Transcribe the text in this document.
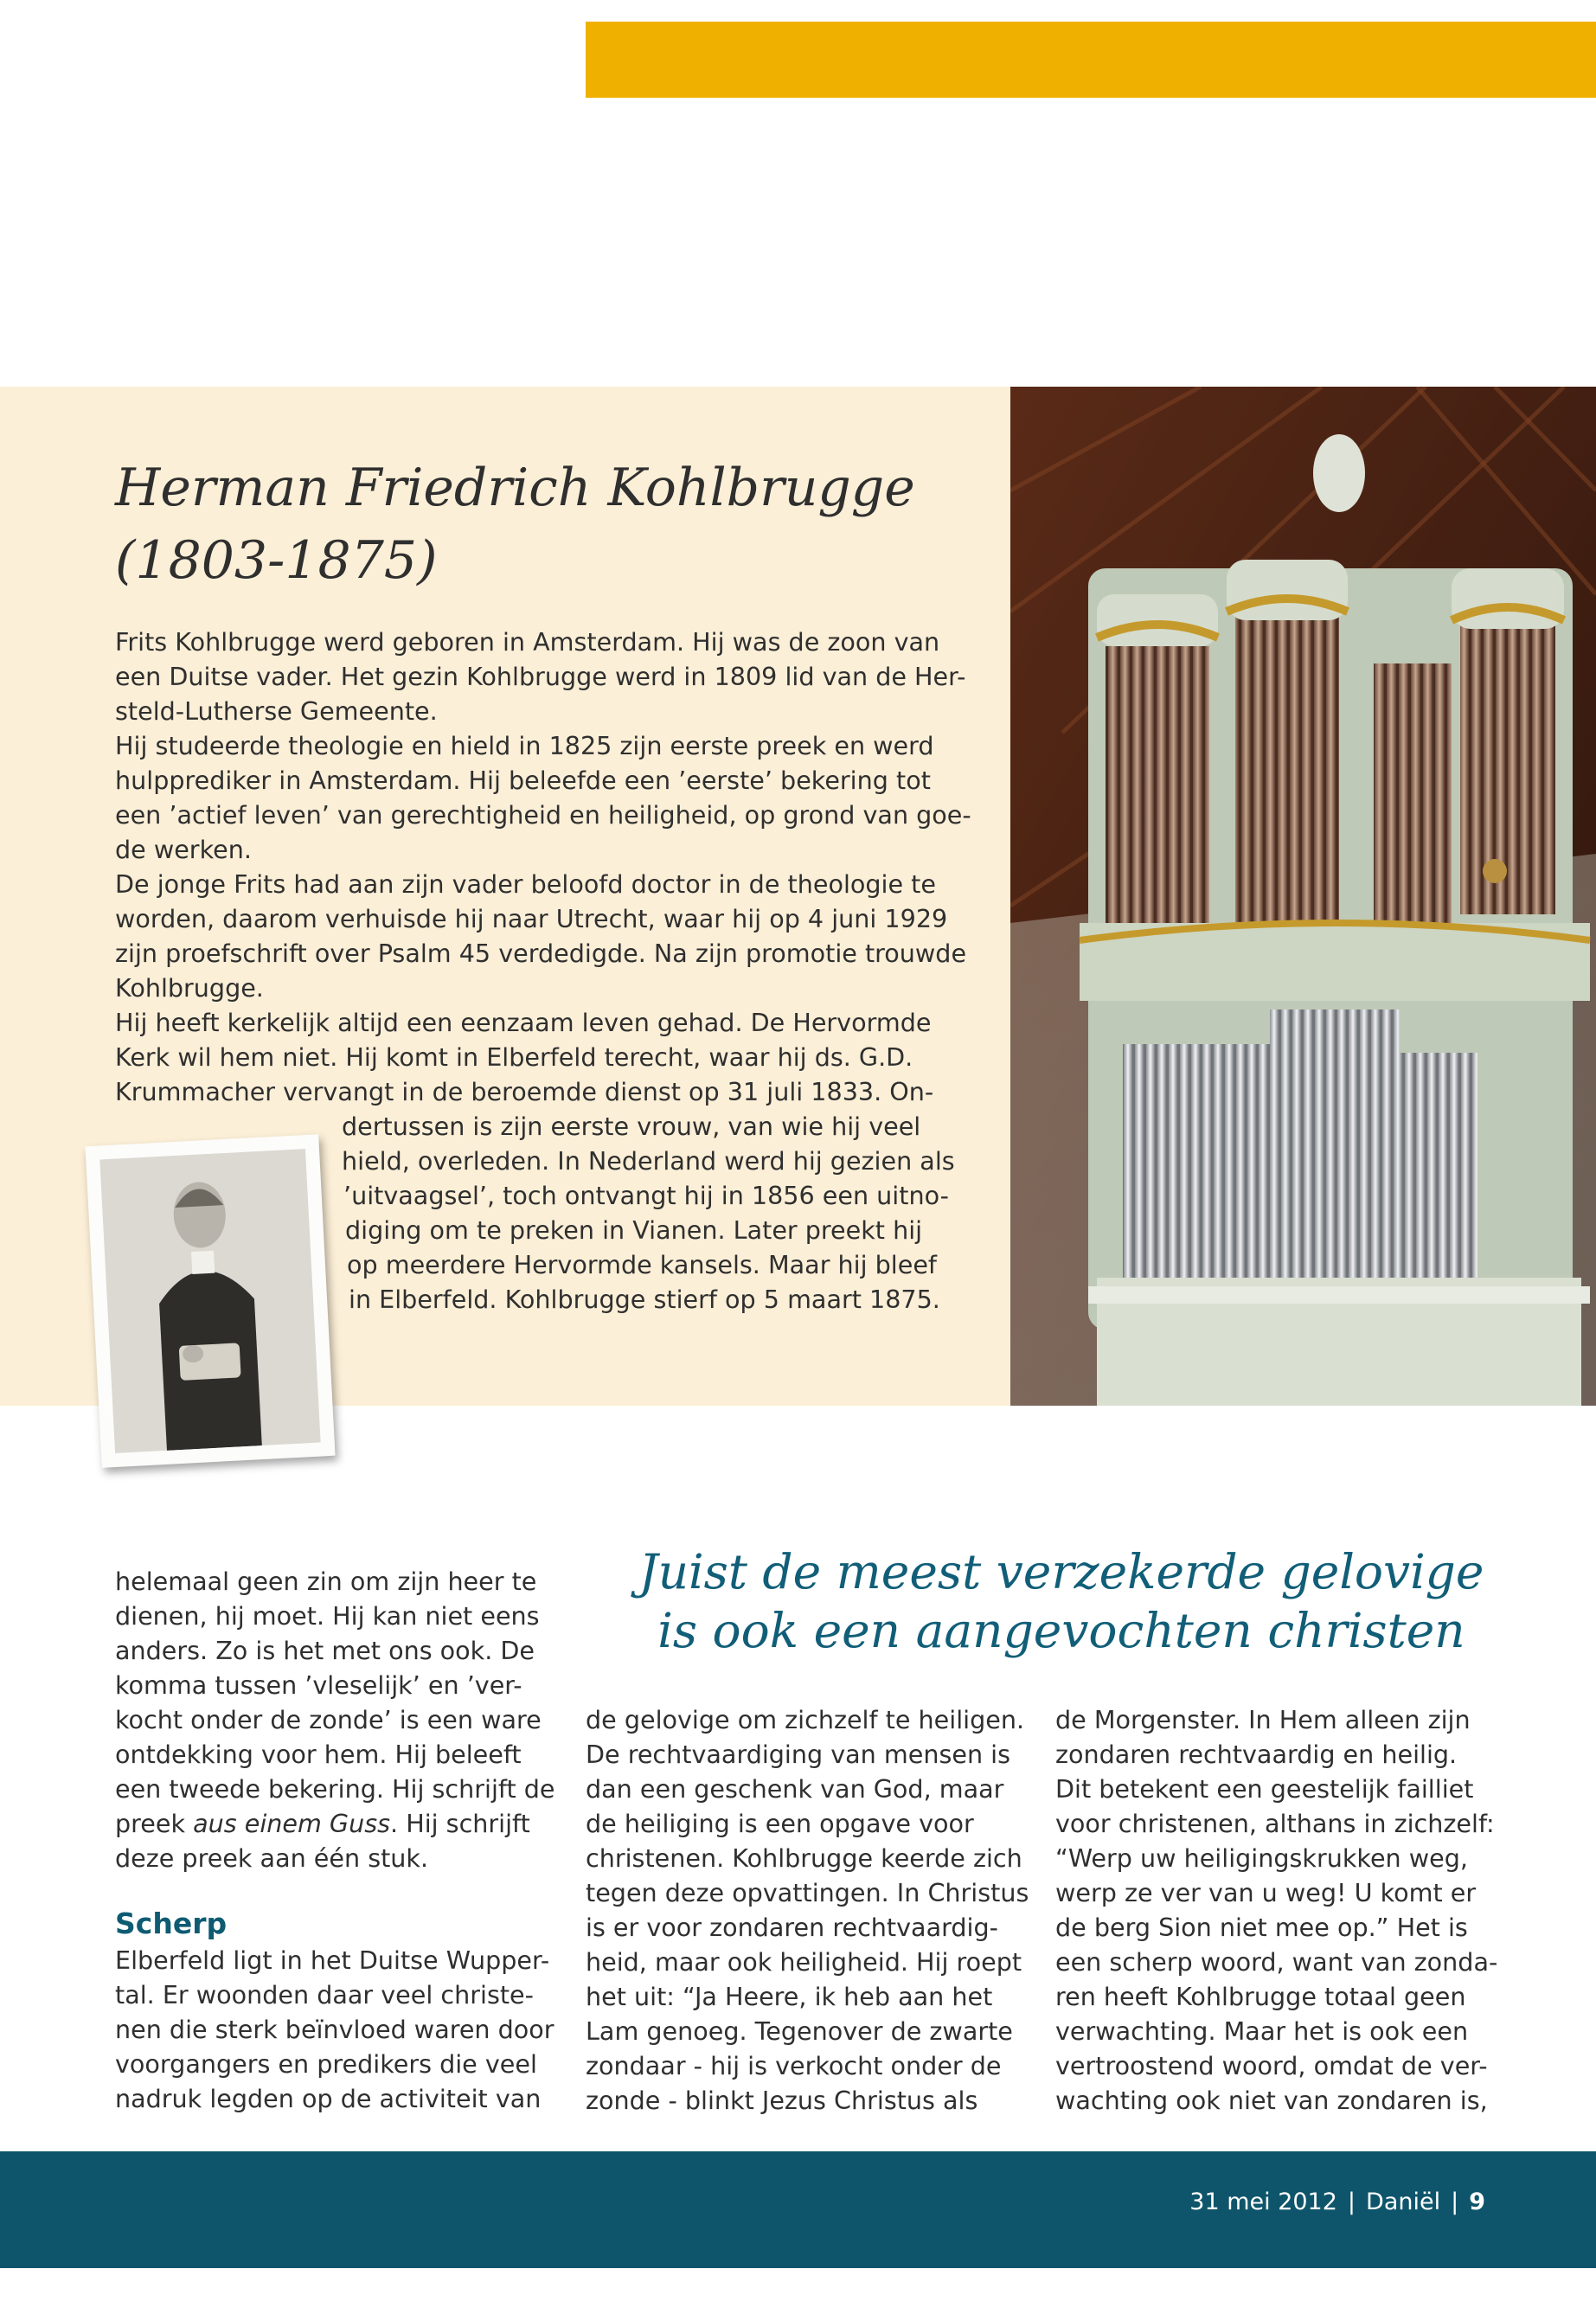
Herman Friedrich Kohlbrugge
(1803-1875)
Frits Kohlbrugge werd geboren in Amsterdam. Hij was de zoon van
een Duitse vader. Het gezin Kohlbrugge werd in 1809 lid van de Her-
steld-Lutherse Gemeente.
Hij studeerde theologie en hield in 1825 zijn eerste preek en werd
hulpprediker in Amsterdam. Hij beleefde een ’eerste’ bekering tot
een ’actief leven’ van gerechtigheid en heiligheid, op grond van goe-
de werken.
De jonge Frits had aan zijn vader beloofd doctor in de theologie te
worden, daarom verhuisde hij naar Utrecht, waar hij op 4 juni 1929
zijn proefschrift over Psalm 45 verdedigde. Na zijn promotie trouwde
Kohlbrugge.
Hij heeft kerkelijk altijd een eenzaam leven gehad. De Hervormde
Kerk wil hem niet. Hij komt in Elberfeld terecht, waar hij ds. G.D.
Krummacher vervangt in de beroemde dienst op 31 juli 1833. On-
dertussen is zijn eerste vrouw, van wie hij veel
hield, overleden. In Nederland werd hij gezien als
’uitvaagsel’, toch ontvangt hij in 1856 een uitno-
diging om te preken in Vianen. Later preekt hij
op meerdere Hervormde kansels. Maar hij bleef
in Elberfeld. Kohlbrugge stierf op 5 maart 1875.
Juist de meest verzekerde gelovige
is ook een aangevochten christen
helemaal geen zin om zijn heer te
dienen, hij moet. Hij kan niet eens
anders. Zo is het met ons ook. De
komma tussen ’vleselijk’ en ’ver-
kocht onder de zonde’ is een ware
ontdekking voor hem. Hij beleeft
een tweede bekering. Hij schrijft de
preek aus einem Guss. Hij schrijft
deze preek aan één stuk.
Scherp
Elberfeld ligt in het Duitse Wupper-
tal. Er woonden daar veel christe-
nen die sterk beïnvloed waren door
voorgangers en predikers die veel
nadruk legden op de activiteit van
de gelovige om zichzelf te heiligen.
De rechtvaardiging van mensen is
dan een geschenk van God, maar
de heiliging is een opgave voor
christenen. Kohlbrugge keerde zich
tegen deze opvattingen. In Christus
is er voor zondaren rechtvaardig-
heid, maar ook heiligheid. Hij roept
het uit: “Ja Heere, ik heb aan het
Lam genoeg. Tegenover de zwarte
zondaar - hij is verkocht onder de
zonde - blinkt Jezus Christus als
de Morgenster. In Hem alleen zijn
zondaren rechtvaardig en heilig.
Dit betekent een geestelijk failliet
voor christenen, althans in zichzelf:
“Werp uw heiligingskrukken weg,
werp ze ver van u weg! U komt er
de berg Sion niet mee op.” Het is
een scherp woord, want van zonda-
ren heeft Kohlbrugge totaal geen
verwachting. Maar het is ook een
vertroostend woord, omdat de ver-
wachting ook niet van zondaren is,
31 mei 2012 | Daniël | 9
